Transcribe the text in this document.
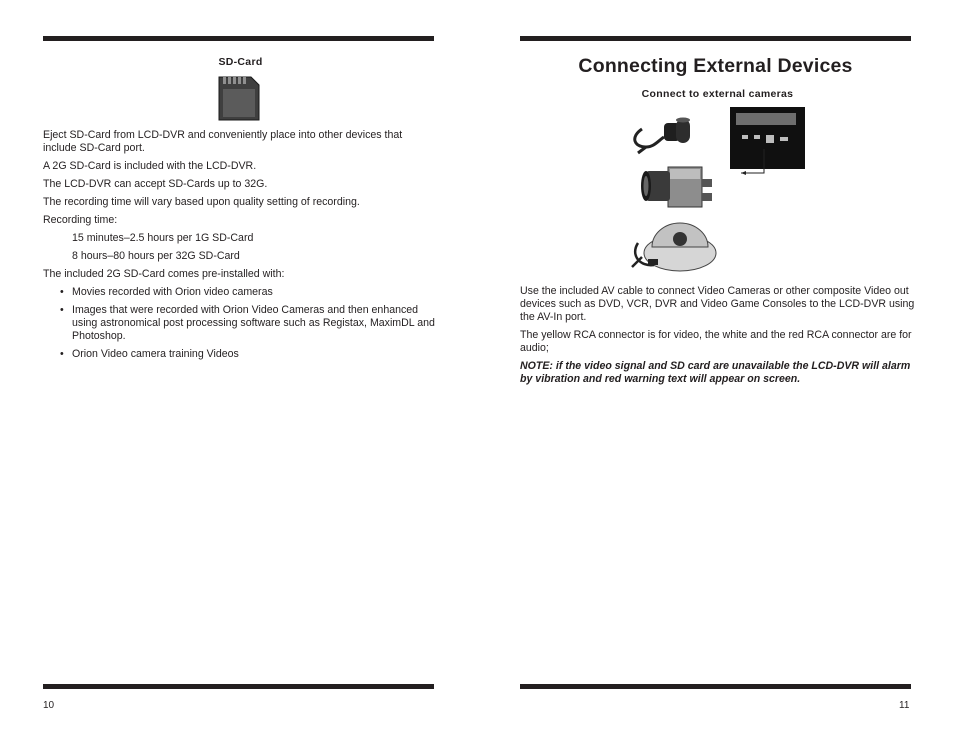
SD-Card

Eject SD-Card from LCD-DVR and conveniently place into other devices that include SD-Card port.

A 2G SD-Card is included with the LCD-DVR.

The LCD-DVR can accept SD-Cards up to 32G.

The recording time will vary based upon quality setting of recording.

Recording time:

15 minutes–2.5 hours per 1G SD-Card

8 hours–80 hours per 32G SD-Card

The included 2G SD-Card comes pre-installed with:

• Movies recorded with Orion video cameras
• Images that were recorded with Orion Video Cameras and then enhanced using astronomical post processing software such as Registax, MaximDL and Photoshop.
• Orion Video camera training Videos
10
Connecting External Devices

Connect to external cameras

Use the included AV cable to connect Video Cameras or other composite Video out devices such as DVD, VCR, DVR and Video Game Consoles to the LCD-DVR using the AV-In port.

The yellow RCA connector is for video, the white and the red RCA connector are for audio;

NOTE: if the video signal and SD card are unavailable the LCD-DVR will alarm by vibration and red warning text will appear on screen.

11
